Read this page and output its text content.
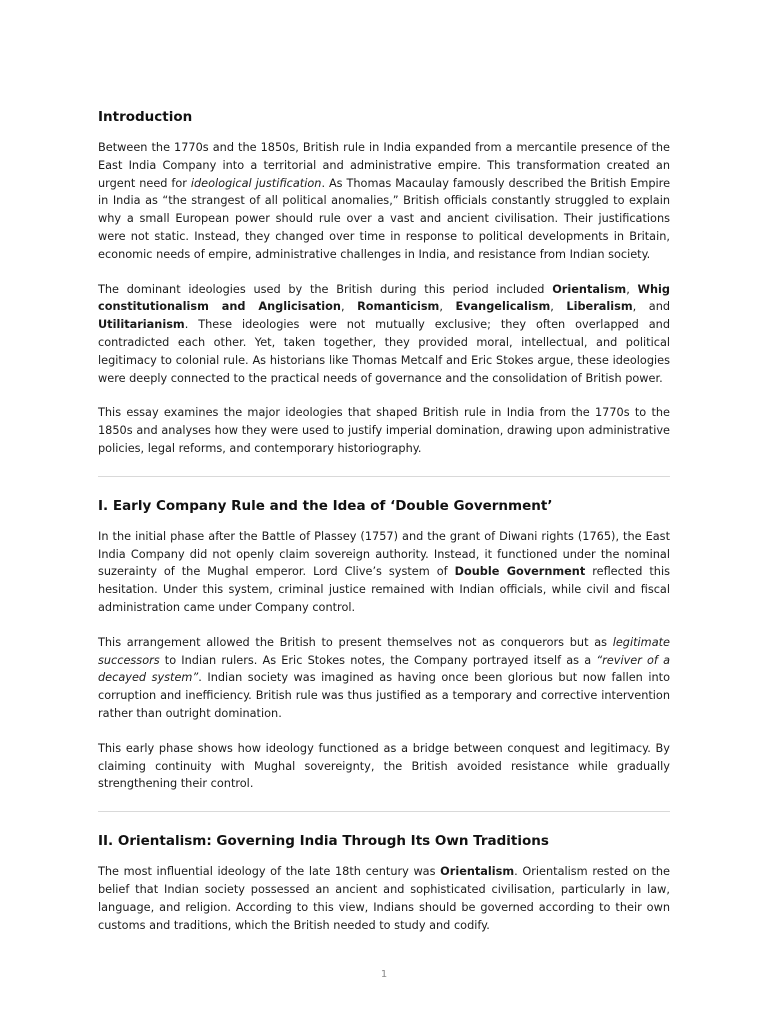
Introduction

Between the 1770s and the 1850s, British rule in India expanded from a mercantile presence of the East India Company into a territorial and administrative empire. This transformation created an urgent need for ideological justification. As Thomas Macaulay famously described the British Empire in India as “the strangest of all political anomalies,” British officials constantly struggled to explain why a small European power should rule over a vast and ancient civilisation. Their justifications were not static. Instead, they changed over time in response to political developments in Britain, economic needs of empire, administrative challenges in India, and resistance from Indian society.

The dominant ideologies used by the British during this period included Orientalism, Whig constitutionalism and Anglicisation, Romanticism, Evangelicalism, Liberalism, and Utilitarianism. These ideologies were not mutually exclusive; they often overlapped and contradicted each other. Yet, taken together, they provided moral, intellectual, and political legitimacy to colonial rule. As historians like Thomas Metcalf and Eric Stokes argue, these ideologies were deeply connected to the practical needs of governance and the consolidation of British power.

This essay examines the major ideologies that shaped British rule in India from the 1770s to the 1850s and analyses how they were used to justify imperial domination, drawing upon administrative policies, legal reforms, and contemporary historiography.

I. Early Company Rule and the Idea of ‘Double Government’

In the initial phase after the Battle of Plassey (1757) and the grant of Diwani rights (1765), the East India Company did not openly claim sovereign authority. Instead, it functioned under the nominal suzerainty of the Mughal emperor. Lord Clive’s system of Double Government reflected this hesitation. Under this system, criminal justice remained with Indian officials, while civil and fiscal administration came under Company control.

This arrangement allowed the British to present themselves not as conquerors but as legitimate successors to Indian rulers. As Eric Stokes notes, the Company portrayed itself as a “reviver of a decayed system”. Indian society was imagined as having once been glorious but now fallen into corruption and inefficiency. British rule was thus justified as a temporary and corrective intervention rather than outright domination.

This early phase shows how ideology functioned as a bridge between conquest and legitimacy. By claiming continuity with Mughal sovereignty, the British avoided resistance while gradually strengthening their control.

II. Orientalism: Governing India Through Its Own Traditions

The most influential ideology of the late 18th century was Orientalism. Orientalism rested on the belief that Indian society possessed an ancient and sophisticated civilisation, particularly in law, language, and religion. According to this view, Indians should be governed according to their own customs and traditions, which the British needed to study and codify.

1
